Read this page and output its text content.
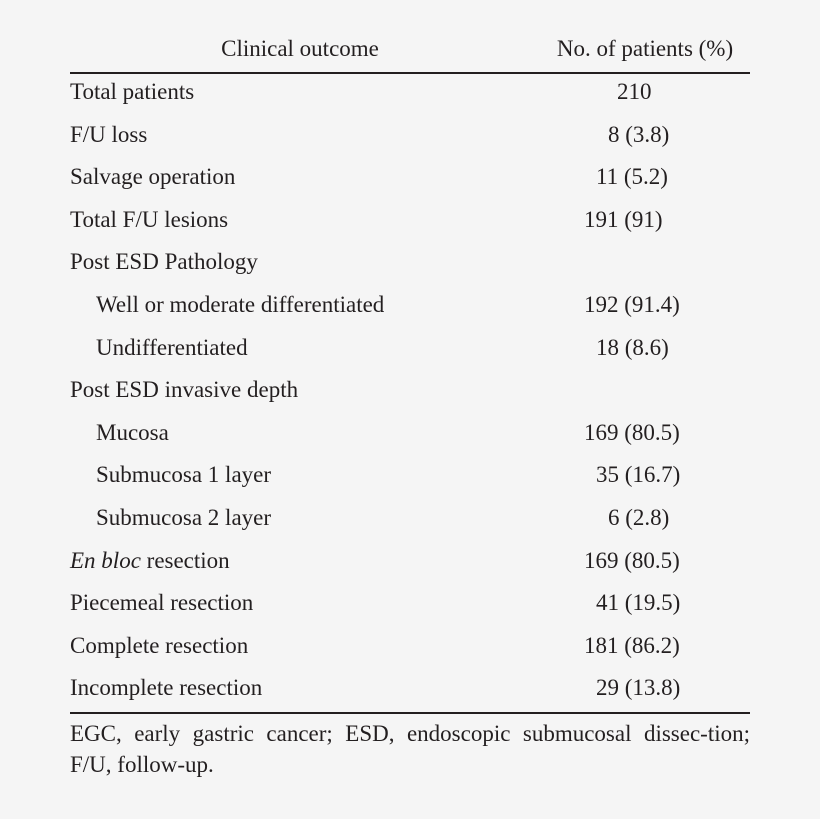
Clinical outcome	No. of patients (%)
Total patients	210
F/U loss	8 (3.8)
Salvage operation	11 (5.2)
Total F/U lesions	191 (91)
Post ESD Pathology
Well or moderate differentiated	192 (91.4)
Undifferentiated	18 (8.6)
Post ESD invasive depth
Mucosa	169 (80.5)
Submucosa 1 layer	35 (16.7)
Submucosa 2 layer	6 (2.8)
En bloc resection	169 (80.5)
Piecemeal resection	41 (19.5)
Complete resection	181 (86.2)
Incomplete resection	29 (13.8)
EGC, early gastric cancer; ESD, endoscopic submucosal dissec-tion; F/U, follow-up.
